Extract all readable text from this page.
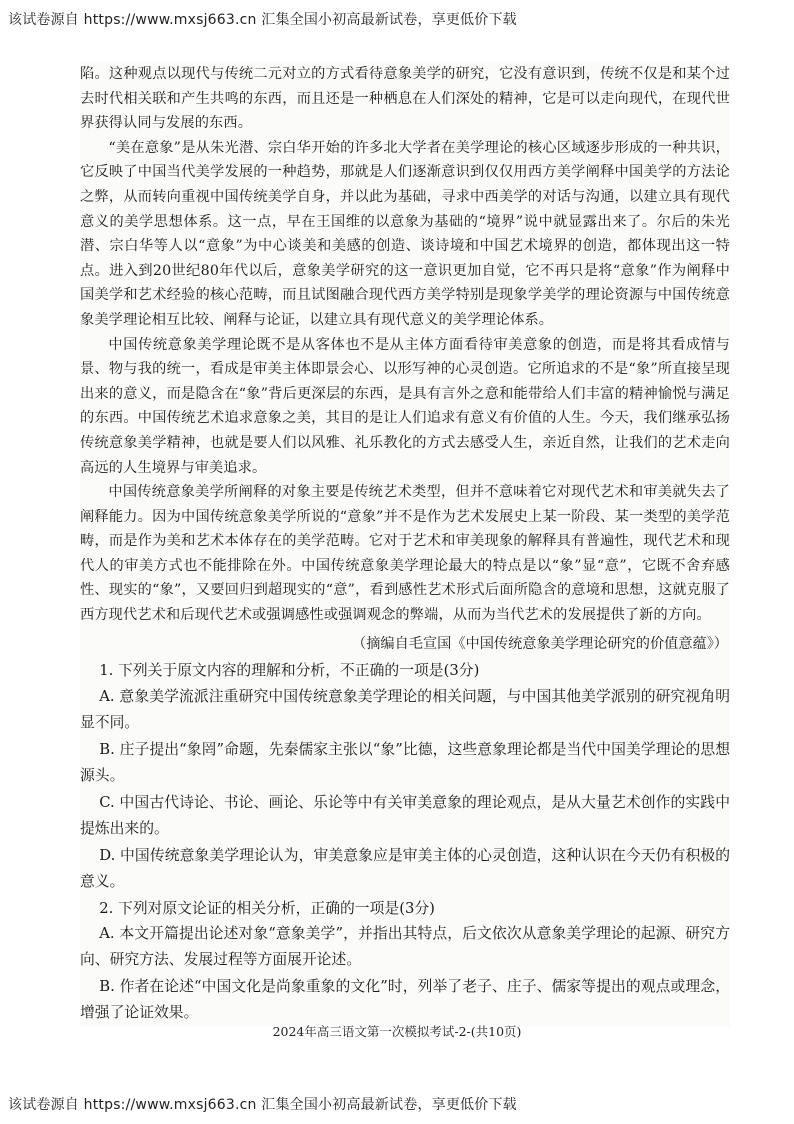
该试卷源自 https://www.mxsj663.cn 汇集全国小初高最新试卷，享更低价下载

陷。这种观点以现代与传统二元对立的方式看待意象美学的研究，它没有意识到，传统不仅是和某个过去时代相关联和产生共鸣的东西，而且还是一种栖息在人们深处的精神，它是可以走向现代，在现代世界获得认同与发展的东西。

“美在意象”是从朱光潜、宗白华开始的许多北大学者在美学理论的核心区域逐步形成的一种共识，它反映了中国当代美学发展的一种趋势，那就是人们逐渐意识到仅仅用西方美学阐释中国美学的方法论之弊，从而转向重视中国传统美学自身，并以此为基础，寻求中西美学的对话与沟通，以建立具有现代意义的美学思想体系。这一点，早在王国维的以意象为基础的“境界”说中就显露出来了。尔后的朱光潜、宗白华等人以“意象”为中心谈美和美感的创造、谈诗境和中国艺术境界的创造，都体现出这一特点。进入到20世纪80年代以后，意象美学研究的这一意识更加自觉，它不再只是将“意象”作为阐释中国美学和艺术经验的核心范畴，而且试图融合现代西方美学特别是现象学美学的理论资源与中国传统意象美学理论相互比较、阐释与论证，以建立具有现代意义的美学理论体系。

中国传统意象美学理论既不是从客体也不是从主体方面看待审美意象的创造，而是将其看成情与景、物与我的统一，看成是审美主体即景会心、以形写神的心灵创造。它所追求的不是“象”所直接呈现出来的意义，而是隐含在“象”背后更深层的东西，是具有言外之意和能带给人们丰富的精神愉悦与满足的东西。中国传统艺术追求意象之美，其目的是让人们追求有意义有价值的人生。今天，我们继承弘扬传统意象美学精神，也就是要人们以风雅、礼乐教化的方式去感受人生，亲近自然，让我们的艺术走向高远的人生境界与审美追求。

中国传统意象美学所阐释的对象主要是传统艺术类型，但并不意味着它对现代艺术和审美就失去了阐释能力。因为中国传统意象美学所说的“意象”并不是作为艺术发展史上某一阶段、某一类型的美学范畴，而是作为美和艺术本体存在的美学范畴。它对于艺术和审美现象的解释具有普遍性，现代艺术和现代人的审美方式也不能排除在外。中国传统意象美学理论最大的特点是以“象”显“意”，它既不舍弃感性、现实的“象”，又要回归到超现实的“意”，看到感性艺术形式后面所隐含的意境和思想，这就克服了西方现代艺术和后现代艺术或强调感性或强调观念的弊端，从而为当代艺术的发展提供了新的方向。

（摘编自毛宣国《中国传统意象美学理论研究的价值意蕴》）

1. 下列关于原文内容的理解和分析，不正确的一项是(3分)

A. 意象美学流派注重研究中国传统意象美学理论的相关问题，与中国其他美学派别的研究视角明显不同。

B. 庄子提出“象罔”命题，先秦儒家主张以“象”比德，这些意象理论都是当代中国美学理论的思想源头。

C. 中国古代诗论、书论、画论、乐论等中有关审美意象的理论观点，是从大量艺术创作的实践中提炼出来的。

D. 中国传统意象美学理论认为，审美意象应是审美主体的心灵创造，这种认识在今天仍有积极的意义。

2. 下列对原文论证的相关分析，正确的一项是(3分)

A. 本文开篇提出论述对象“意象美学”，并指出其特点，后文依次从意象美学理论的起源、研究方向、研究方法、发展过程等方面展开论述。

B. 作者在论述“中国文化是尚象重象的文化”时，列举了老子、庄子、儒家等提出的观点或理念，增强了论证效果。

2024年高三语文第一次模拟考试-2-(共10页)
该试卷源自 https://www.mxsj663.cn 汇集全国小初高最新试卷，享更低价下载
